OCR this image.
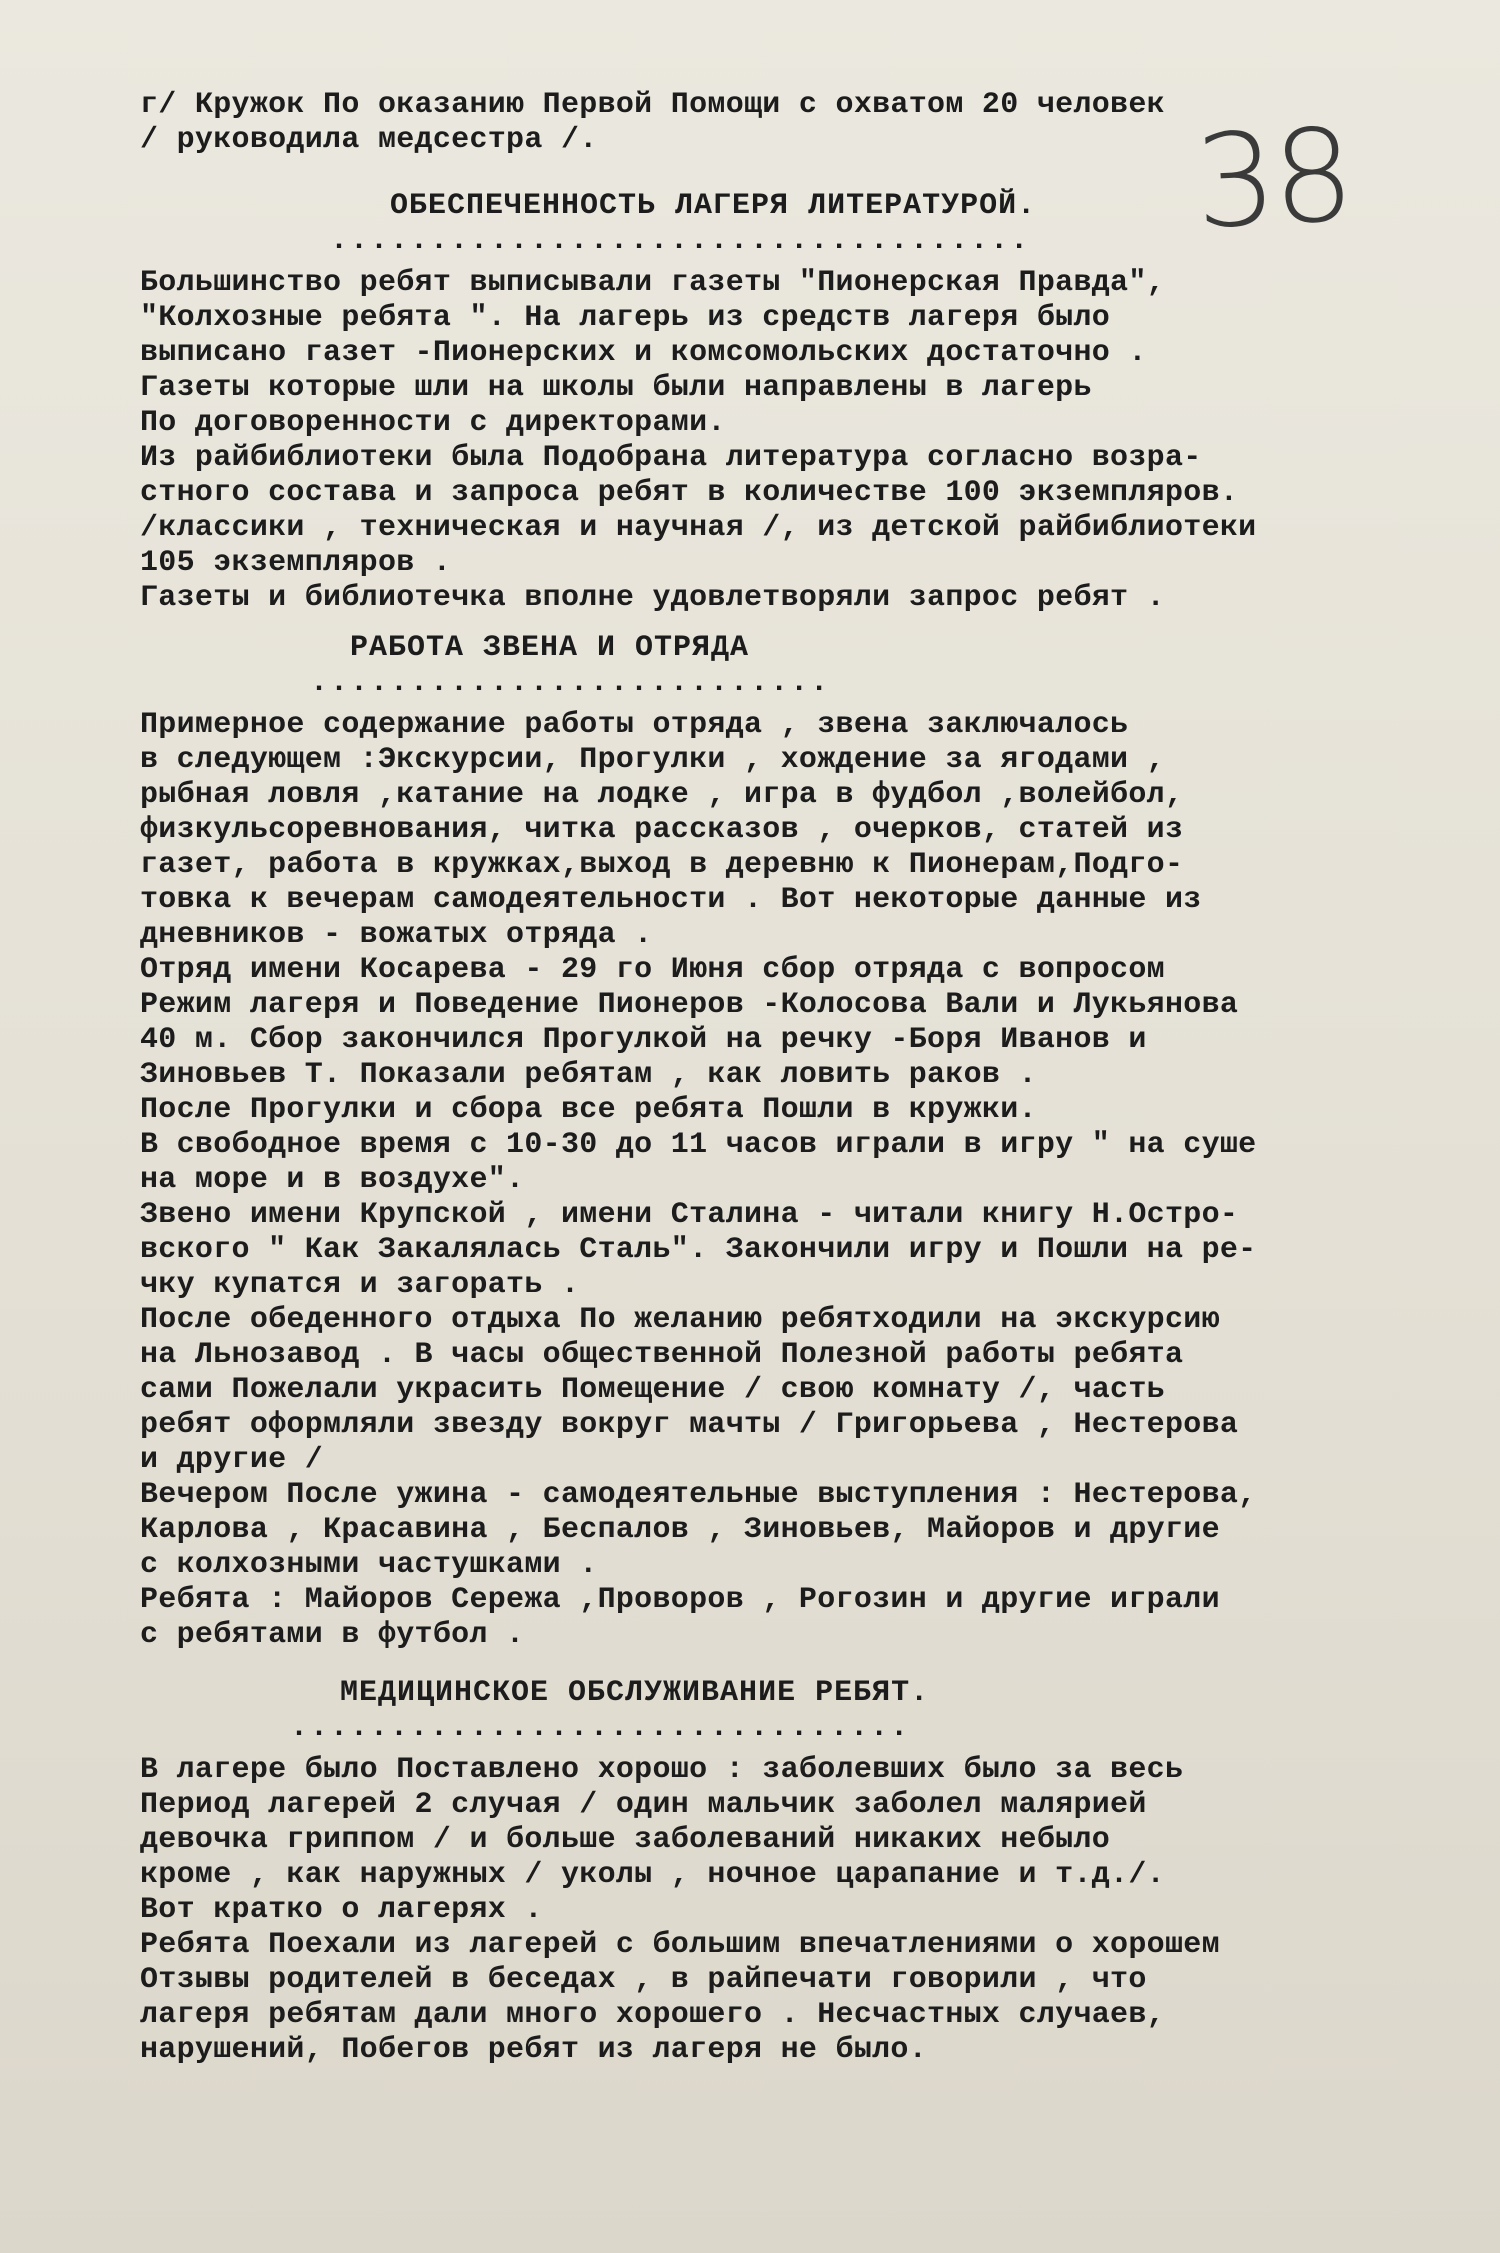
38
г/ Кружок По оказанию Первой Помощи с охватом 20 человек
/ руководила медсестра /.
ОБЕСПЕЧЕННОСТЬ ЛАГЕРЯ ЛИТЕРАТУРОЙ.
...................................
Большинство ребят выписывали газеты "Пионерская Правда",
"Колхозные ребята ". На лагерь из средств лагеря было
выписано газет -Пионерских и комсомольских достаточно .
Газеты которые шли на школы были направлены в лагерь
По договоренности с директорами.
Из райбиблиотеки была Подобрана литература согласно возра-
стного состава и запроса ребят в количестве 100 экземпляров.
/классики , техническая и научная /, из детской райбиблиотеки
105 экземпляров .
Газеты и библиотечка вполне удовлетворяли запрос ребят .
РАБОТА ЗВЕНА И ОТРЯДА
..........................
Примерное содержание работы отряда , звена заключалось
в следующем :Экскурсии, Прогулки , хождение за ягодами ,
рыбная ловля ,катание на лодке , игра в фудбол ,волейбол,
физкульсоревнования, читка рассказов , очерков, статей из
газет, работа в кружках,выход в деревню к Пионерам,Подго-
товка к вечерам самодеятельности . Вот некоторые данные из
дневников - вожатых отряда .
Отряд имени Косарева - 29 го Июня сбор отряда с вопросом
Режим лагеря и Поведение Пионеров -Колосова Вали и Лукьянова
40 м. Сбор закончился Прогулкой на речку -Боря Иванов и
Зиновьев Т. Показали ребятам , как ловить раков .
После Прогулки и сбора все ребята Пошли в кружки.
В свободное время с 10-30 до 11 часов играли в игру " на суше
на море и в воздухе".
Звено имени Крупской , имени Сталина - читали книгу Н.Остро-
вского " Как Закалялась Сталь". Закончили игру и Пошли на ре-
чку купатся и загорать .
После обеденного отдыха По желанию ребятходили на экскурсию
на Льнозавод . В часы общественной Полезной работы ребята
сами Пожелали украсить Помещение / свою комнату /, часть
ребят оформляли звезду вокруг мачты / Григорьева , Нестерова
и другие /
Вечером После ужина - самодеятельные выступления : Нестерова,
Карлова , Красавина , Беспалов , Зиновьев, Майоров и другие
с колхозными частушками .
Ребята : Майоров Сережа ,Проворов , Рогозин и другие играли
с ребятами в футбол .
МЕДИЦИНСКОЕ ОБСЛУЖИВАНИЕ РЕБЯТ.
...............................
В лагере было Поставлено хорошо : заболевших было за весь
Период лагерей 2 случая / один мальчик заболел малярией
девочка гриппом / и больше заболеваний никаких небыло
кроме , как наружных / уколы , ночное царапание и т.д./.
Вот кратко о лагерях .
Ребята Поехали из лагерей с большим впечатлениями о хорошем
Отзывы родителей в беседах , в райпечати говорили , что
лагеря ребятам дали много хорошего . Несчастных случаев,
нарушений, Побегов ребят из лагеря не было.
